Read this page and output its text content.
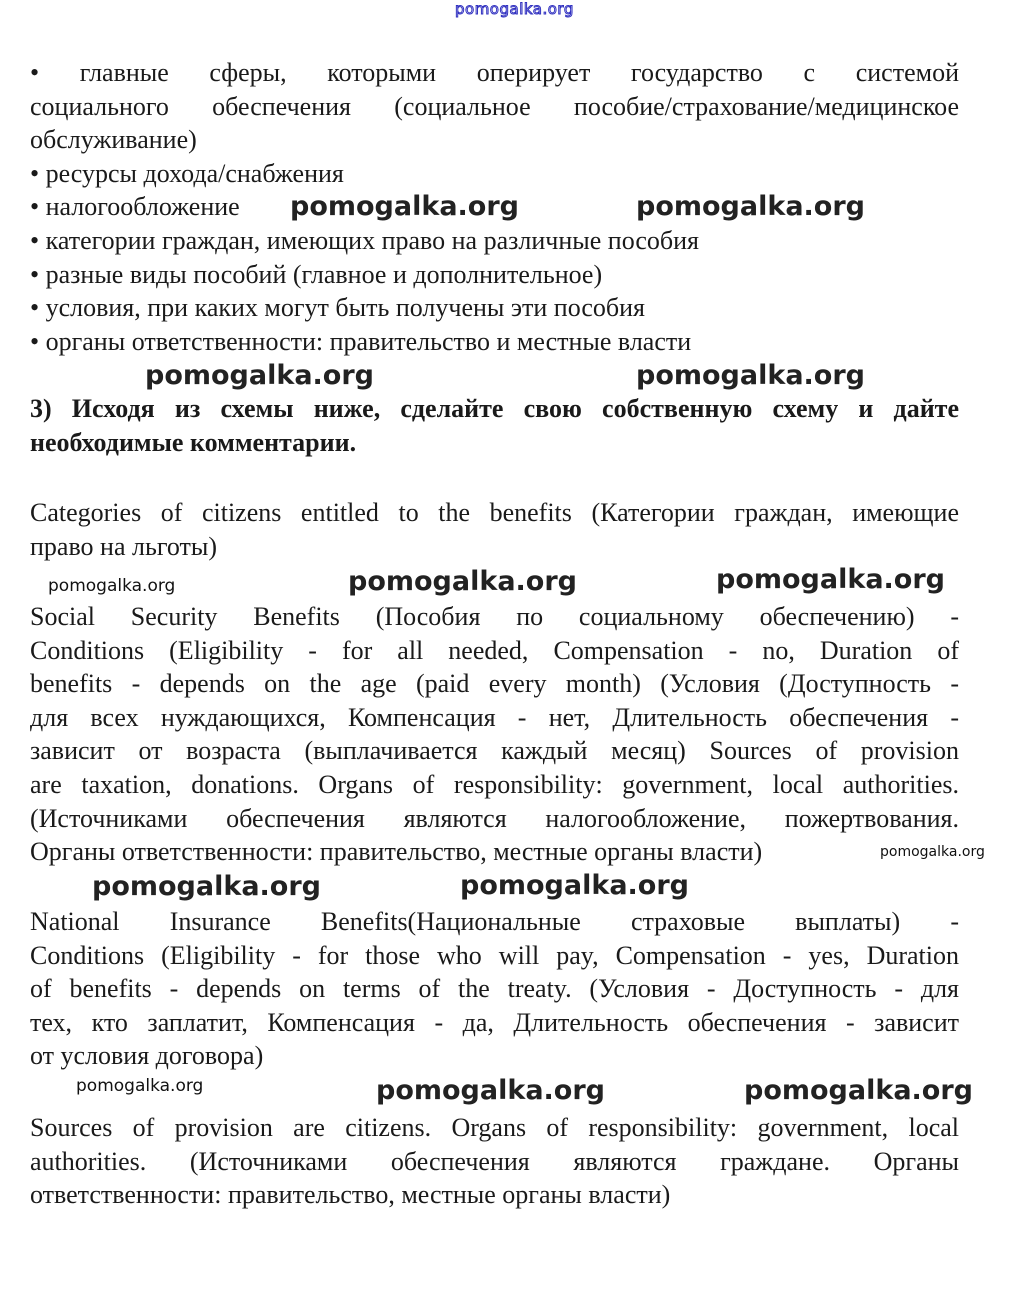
pomogalka.org
• главные сферы, которыми оперирует государство с системой
социального обеспечения (социальное пособие/страхование/медицинское
обслуживание)
• ресурсы дохода/снабжения
• налогообложение
• категории граждан, имеющих право на различные пособия
• разные виды пособий (главное и дополнительное)
• условия, при каких могут быть получены эти пособия
• органы ответственности: правительство и местные власти
3) Исходя из схемы ниже, сделайте свою собственную схему и дайте
необходимые комментарии.
Categories of citizens entitled to the benefits (Категории граждан, имеющие
право на льготы)
Social Security Benefits (Пособия по социальному обеспечению) -
Conditions (Eligibility - for all needed, Compensation - no, Duration of
benefits - depends on the age (paid every month) (Условия (Доступность -
для всех нуждающихся, Компенсация - нет, Длительность обеспечения -
зависит от возраста (выплачивается каждый месяц) Sources of provision
are taxation, donations. Organs of responsibility: government, local authorities.
(Источниками обеспечения являются налогообложение, пожертвования.
Органы ответственности: правительство, местные органы власти)
National Insurance Benefits(Национальные страховые выплаты) -
Conditions (Eligibility - for those who will pay, Compensation - yes, Duration
of benefits - depends on terms of the treaty. (Условия - Доступность - для
тех, кто заплатит, Компенсация - да, Длительность обеспечения - зависит
от условия договора)
Sources of provision are citizens. Organs of responsibility: government, local
authorities. (Источниками обеспечения являются граждане. Органы
ответственности: правительство, местные органы власти)
pomogalka.org	pomogalka.org
pomogalka.org	pomogalka.org
pomogalka.org	pomogalka.org	pomogalka.org
pomogalka.org
pomogalka.org	pomogalka.org
pomogalka.org	pomogalka.org	pomogalka.org
